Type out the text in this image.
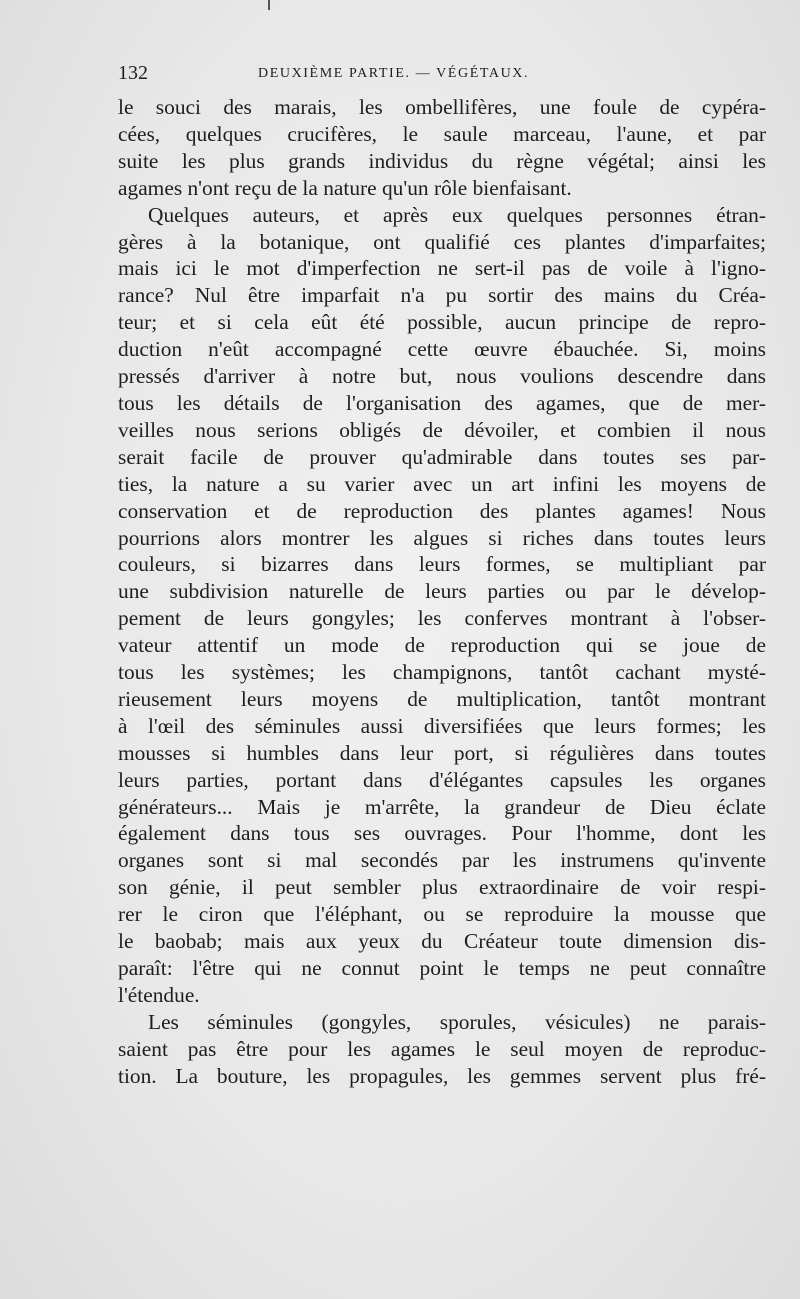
132	DEUXIÈME PARTIE. — VÉGÉTAUX.
le souci des marais, les ombellifères, une foule de cypéra-
cées, quelques crucifères, le saule marceau, l'aune, et par
suite les plus grands individus du règne végétal; ainsi les
agames n'ont reçu de la nature qu'un rôle bienfaisant.
Quelques auteurs, et après eux quelques personnes étran-
gères à la botanique, ont qualifié ces plantes d'imparfaites;
mais ici le mot d'imperfection ne sert-il pas de voile à l'igno-
rance? Nul être imparfait n'a pu sortir des mains du Créa-
teur; et si cela eût été possible, aucun principe de repro-
duction n'eût accompagné cette œuvre ébauchée. Si, moins
pressés d'arriver à notre but, nous voulions descendre dans
tous les détails de l'organisation des agames, que de mer-
veilles nous serions obligés de dévoiler, et combien il nous
serait facile de prouver qu'admirable dans toutes ses par-
ties, la nature a su varier avec un art infini les moyens de
conservation et de reproduction des plantes agames! Nous
pourrions alors montrer les algues si riches dans toutes leurs
couleurs, si bizarres dans leurs formes, se multipliant par
une subdivision naturelle de leurs parties ou par le dévelop-
pement de leurs gongyles; les conferves montrant à l'obser-
vateur attentif un mode de reproduction qui se joue de
tous les systèmes; les champignons, tantôt cachant mysté-
rieusement leurs moyens de multiplication, tantôt montrant
à l'œil des séminules aussi diversifiées que leurs formes; les
mousses si humbles dans leur port, si régulières dans toutes
leurs parties, portant dans d'élégantes capsules les organes
générateurs... Mais je m'arrête, la grandeur de Dieu éclate
également dans tous ses ouvrages. Pour l'homme, dont les
organes sont si mal secondés par les instrumens qu'invente
son génie, il peut sembler plus extraordinaire de voir respi-
rer le ciron que l'éléphant, ou se reproduire la mousse que
le baobab; mais aux yeux du Créateur toute dimension dis-
paraît: l'être qui ne connut point le temps ne peut connaître
l'étendue.
Les séminules (gongyles, sporules, vésicules) ne parais-
saient pas être pour les agames le seul moyen de reproduc-
tion. La bouture, les propagules, les gemmes servent plus fré-
